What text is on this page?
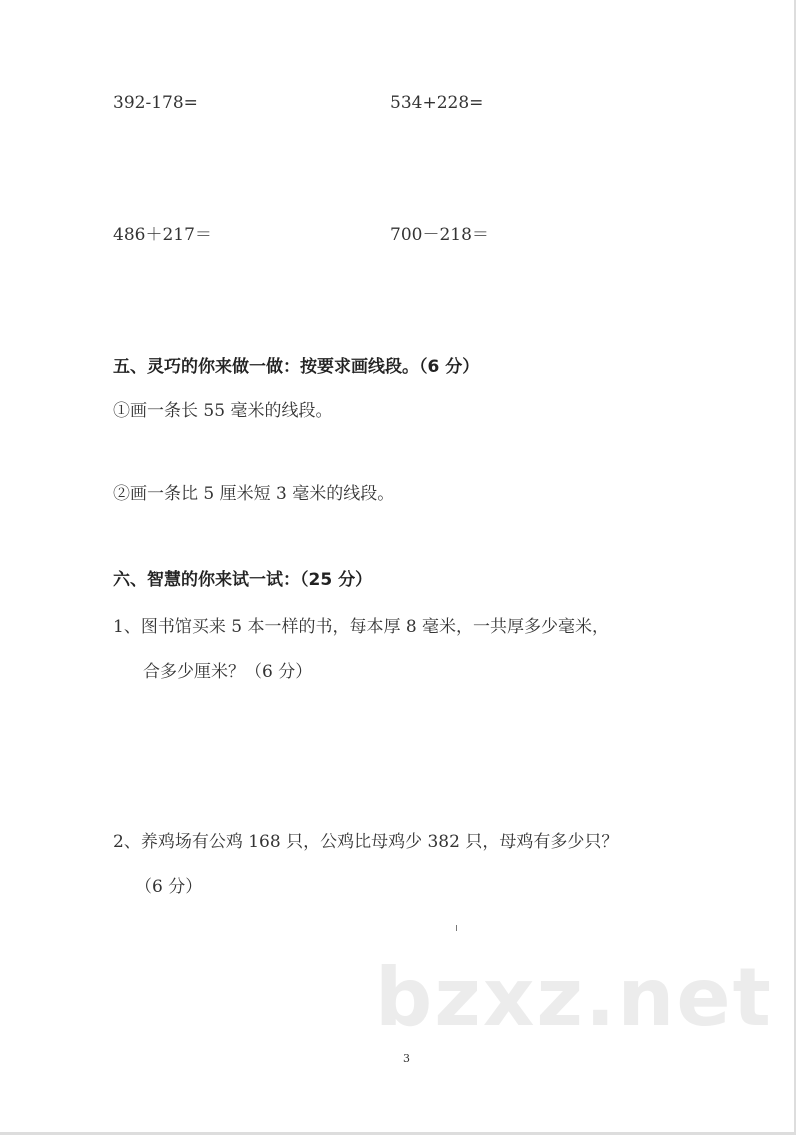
392-178=	534+228=
486＋217＝	700－218＝
五、灵巧的你来做一做：按要求画线段。（6 分）
①画一条长 55 毫米的线段。
②画一条比 5 厘米短 3 毫米的线段。
六、智慧的你来试一试：（25 分）
1、图书馆买来 5 本一样的书，每本厚 8 毫米，一共厚多少毫米，
合多少厘米？（6 分）
2、养鸡场有公鸡 168 只，公鸡比母鸡少 382 只，母鸡有多少只？
（6 分）
bzxz.net
3
